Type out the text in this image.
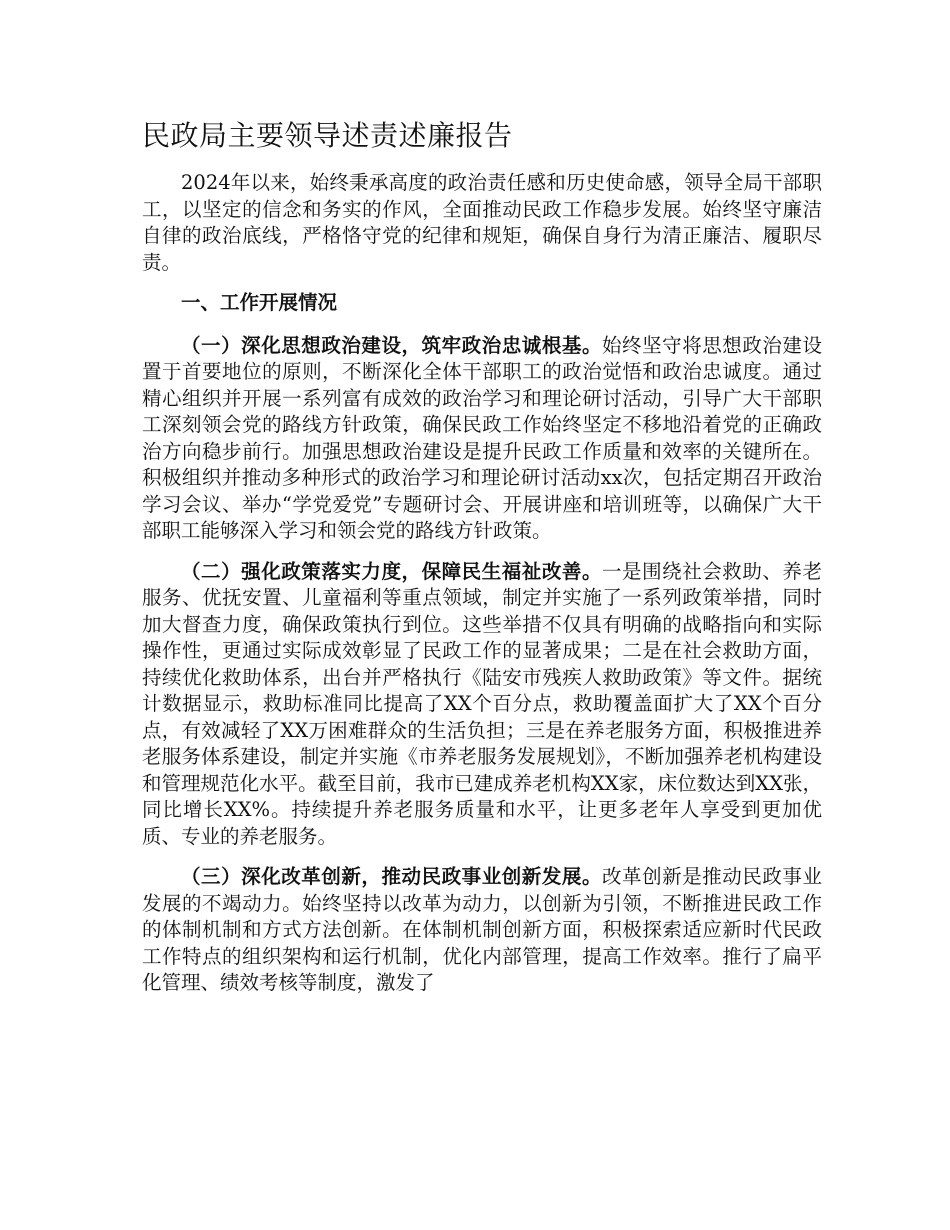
民政局主要领导述责述廉报告

2024年以来，始终秉承高度的政治责任感和历史使命感，领导全局干部职工，以坚定的信念和务实的作风，全面推动民政工作稳步发展。始终坚守廉洁自律的政治底线，严格恪守党的纪律和规矩，确保自身行为清正廉洁、履职尽责。

一、工作开展情况

（一）深化思想政治建设，筑牢政治忠诚根基。始终坚守将思想政治建设置于首要地位的原则，不断深化全体干部职工的政治觉悟和政治忠诚度。通过精心组织并开展一系列富有成效的政治学习和理论研讨活动，引导广大干部职工深刻领会党的路线方针政策，确保民政工作始终坚定不移地沿着党的正确政治方向稳步前行。加强思想政治建设是提升民政工作质量和效率的关键所在。积极组织并推动多种形式的政治学习和理论研讨活动xx次，包括定期召开政治学习会议、举办“学党爱党”专题研讨会、开展讲座和培训班等，以确保广大干部职工能够深入学习和领会党的路线方针政策。

（二）强化政策落实力度，保障民生福祉改善。一是围绕社会救助、养老服务、优抚安置、儿童福利等重点领域，制定并实施了一系列政策举措，同时加大督查力度，确保政策执行到位。这些举措不仅具有明确的战略指向和实际操作性，更通过实际成效彰显了民政工作的显著成果；二是在社会救助方面，持续优化救助体系，出台并严格执行《陆安市残疾人救助政策》等文件。据统计数据显示，救助标准同比提高了XX个百分点，救助覆盖面扩大了XX个百分点，有效减轻了XX万困难群众的生活负担；三是在养老服务方面，积极推进养老服务体系建设，制定并实施《市养老服务发展规划》，不断加强养老机构建设和管理规范化水平。截至目前，我市已建成养老机构XX家，床位数达到XX张，同比增长XX%。持续提升养老服务质量和水平，让更多老年人享受到更加优质、专业的养老服务。

（三）深化改革创新，推动民政事业创新发展。改革创新是推动民政事业发展的不竭动力。始终坚持以改革为动力，以创新为引领，不断推进民政工作的体制机制和方式方法创新。在体制机制创新方面，积极探索适应新时代民政工作特点的组织架构和运行机制，优化内部管理，提高工作效率。推行了扁平化管理、绩效考核等制度，激发了
